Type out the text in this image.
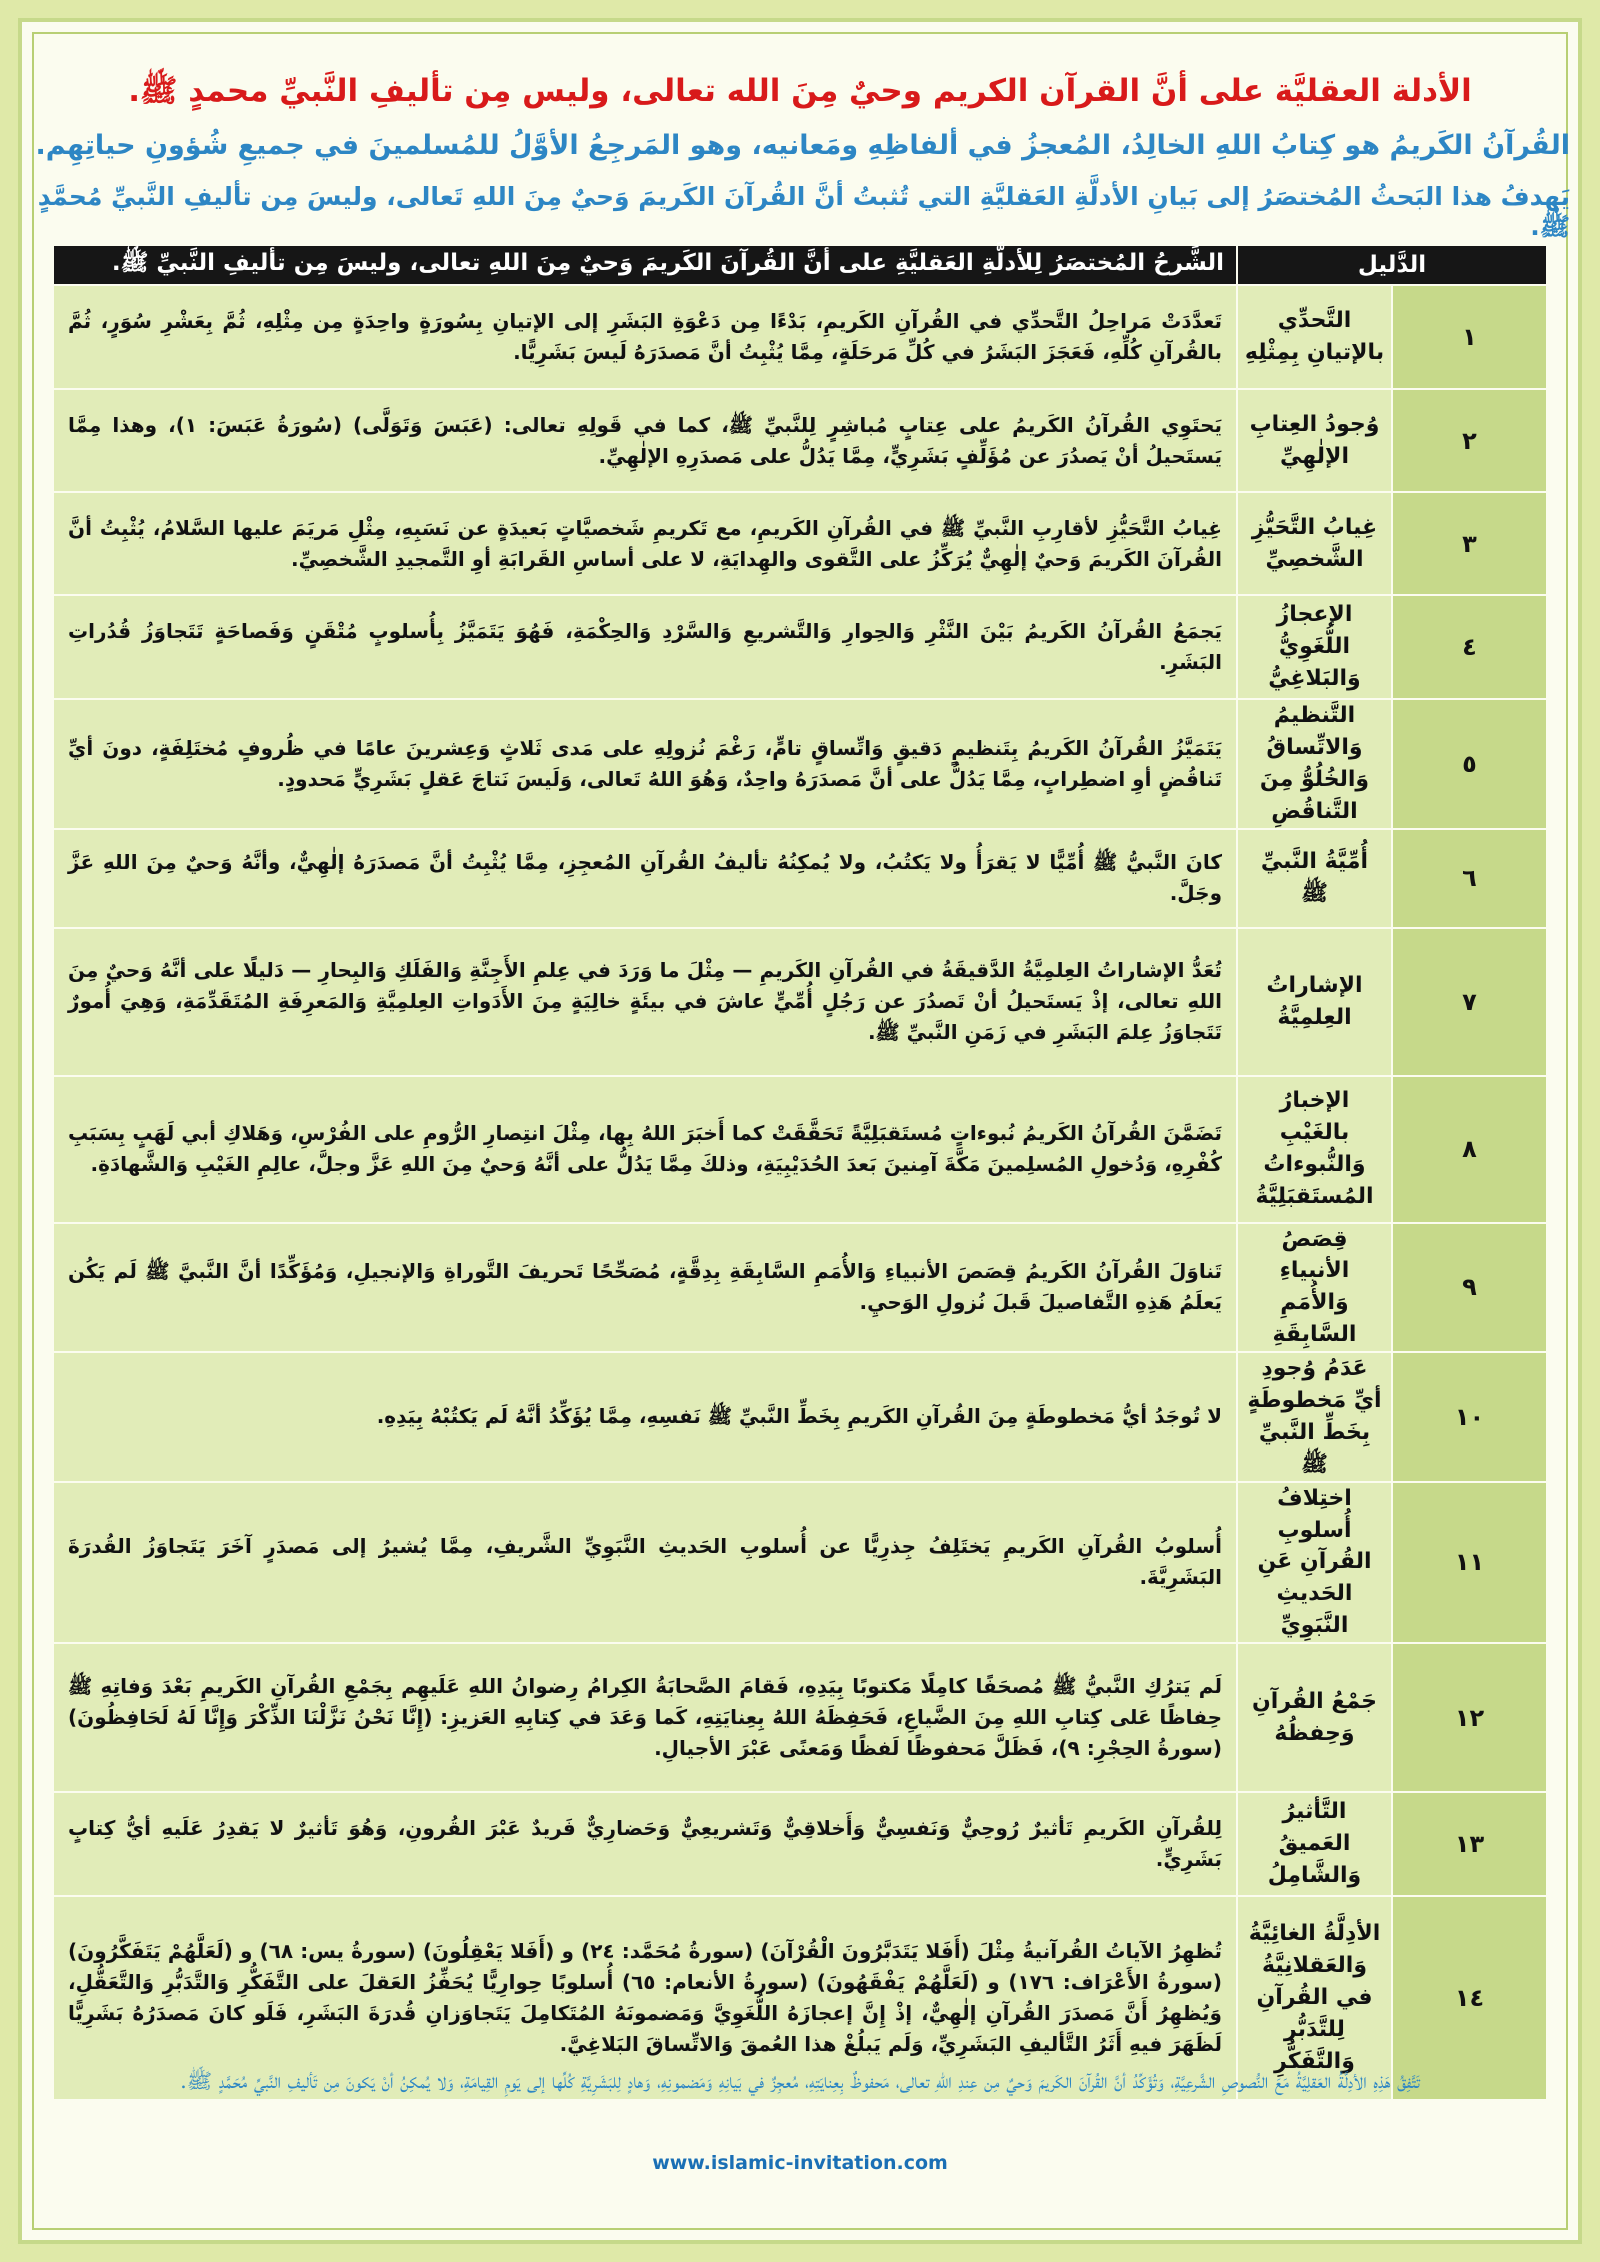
الأدلة العقليَّة على أنَّ القرآن الكريم وحيٌ مِنَ الله تعالى، وليس مِن تأليفِ النَّبيِّ محمدٍ ﷺ.
القُرآنُ الكَريمُ هو كِتابُ اللهِ الخالِدُ، المُعجزُ في ألفاظِهِ ومَعانيه، وهو المَرجِعُ الأوَّلُ للمُسلمينَ في جميعِ شُؤونِ حياتِهِم.
يَهدفُ هذا البَحثُ المُختصَرُ إلى بَيانِ الأدلَّةِ العَقليَّةِ التي تُثبتُ أنَّ القُرآنَ الكَريمَ وَحيٌ مِنَ اللهِ تَعالى، وليسَ مِن تأليفِ النَّبيِّ مُحمَّدٍ ﷺ.
الدَّليل		الشَّرحُ المُختصَرُ لِلأدلَّةِ العَقليَّةِ على أنَّ القُرآنَ الكَريمَ وَحيٌ مِنَ اللهِ تعالى، وليسَ مِن تأليفِ النَّبيِّ ﷺ.
١	التَّحدِّي بالإتيانِ بِمِثْلِهِ	تَعدَّدَتْ مَراحِلُ التَّحدِّي في القُرآنِ الكَريمِ، بَدْءًا مِن دَعْوَةِ البَشَرِ إلى الإتيانِ بِسُورَةٍ واحِدَةٍ مِن مِثْلِهِ، ثُمَّ بِعَشْرِ سُوَرٍ، ثُمَّ بالقُرآنِ كُلِّهِ، فَعَجَزَ البَشَرُ في كُلِّ مَرحَلَةٍ، مِمَّا يُثْبِتُ أنَّ مَصدَرَهُ لَيسَ بَشَرِيًّا.
٢	وُجودُ العِتابِ الإلٰهِيِّ	يَحتَوِي القُرآنُ الكَريمُ على عِتابٍ مُباشِرٍ لِلنَّبيِّ ﷺ، كما في قَولِهِ تعالى: (عَبَسَ وَتَوَلَّى) (سُورَةُ عَبَسَ: ١)، وهذا مِمَّا يَستَحيلُ أنْ يَصدُرَ عن مُؤَلِّفٍ بَشَرِيٍّ، مِمَّا يَدُلُّ على مَصدَرِهِ الإلٰهِيِّ.
٣	غِيابُ التَّحَيُّزِ الشَّخصِيِّ	غِيابُ التَّحَيُّزِ لأقارِبِ النَّبيِّ ﷺ في القُرآنِ الكَريمِ، مع تَكريمِ شَخصيَّاتٍ بَعيدَةٍ عن نَسَبِهِ، مِثْلِ مَريَمَ عليها السَّلامُ، يُثْبِتُ أنَّ القُرآنَ الكَريمَ وَحيٌ إلٰهِيٌّ يُرَكِّزُ على التَّقوى والهِدايَةِ، لا على أساسِ القَرابَةِ أوِ التَّمجيدِ الشَّخصِيِّ.
٤	الإعجازُ اللُّغَوِيُّ وَالبَلاغِيُّ	يَجمَعُ القُرآنُ الكَريمُ بَيْنَ النَّثْرِ وَالحِوارِ وَالتَّشريعِ وَالسَّرْدِ وَالحِكْمَةِ، فَهُوَ يَتَمَيَّزُ بِأُسلوبٍ مُتْقَنٍ وَفَصاحَةٍ تَتَجاوَزُ قُدُراتِ البَشَرِ.
٥	التَّنظيمُ وَالاتِّساقُ وَالخُلُوُّ مِنَ التَّناقُضِ	يَتَمَيَّزُ القُرآنُ الكَريمُ بِتَنظيمٍ دَقيقٍ وَاتِّساقٍ تامٍّ، رَغْمَ نُزولِهِ على مَدى ثَلاثٍ وَعِشرينَ عامًا في ظُروفٍ مُختَلِفَةٍ، دونَ أيِّ تَناقُضٍ أوِ اضطِرابٍ، مِمَّا يَدُلُّ على أنَّ مَصدَرَهُ واحِدٌ، وَهُوَ اللهُ تَعالى، وَلَيسَ نَتاجَ عَقلٍ بَشَرِيٍّ مَحدودٍ.
٦	أُمِّيَّةُ النَّبيِّ ﷺ	كانَ النَّبيُّ ﷺ أُمِّيًّا لا يَقرَأُ ولا يَكتُبُ، ولا يُمكِنُهُ تأليفُ القُرآنِ المُعجِزِ، مِمَّا يُثْبِتُ أنَّ مَصدَرَهُ إلٰهِيٌّ، وأنَّهُ وَحيٌ مِنَ اللهِ عَزَّ وجَلَّ.
٧	الإشاراتُ العِلمِيَّةُ	تُعَدُّ الإشاراتُ العِلمِيَّةُ الدَّقيقَةُ في القُرآنِ الكَريمِ — مِثْلَ ما وَرَدَ في عِلمِ الأَجِنَّةِ وَالفَلَكِ وَالبِحارِ — دَليلًا على أنَّهُ وَحيٌ مِنَ اللهِ تعالى، إذْ يَستَحيلُ أنْ تَصدُرَ عن رَجُلٍ أُمِّيٍّ عاشَ في بيئَةٍ خالِيَةٍ مِنَ الأَدَواتِ العِلمِيَّةِ وَالمَعرِفَةِ المُتَقَدِّمَةِ، وَهِيَ أُمورٌ تَتَجاوَزُ عِلمَ البَشَرِ في زَمَنِ النَّبيِّ ﷺ.
٨	الإخبارُ بالغَيْبِ وَالنُّبوءاتُ المُستَقبَلِيَّةُ	تَضَمَّنَ القُرآنُ الكَريمُ نُبوءاتٍ مُستَقبَلِيَّةً تَحَقَّقَتْ كما أَخبَرَ اللهُ بِها، مِثْلَ انتِصارِ الرُّومِ على الفُرْسِ، وَهَلاكِ أبي لَهَبٍ بِسَبَبِ كُفْرِهِ، وَدُخولِ المُسلِمينَ مَكَّةَ آمِنينَ بَعدَ الحُدَيْبِيَةِ، وذلكَ مِمَّا يَدُلُّ على أنَّهُ وَحيٌ مِنَ اللهِ عَزَّ وجلَّ، عالِمِ الغَيْبِ وَالشَّهادَةِ.
٩	قِصَصُ الأنبياءِ وَالأُمَمِ السَّابِقَةِ	تَناوَلَ القُرآنُ الكَريمُ قِصَصَ الأنبياءِ وَالأُمَمِ السَّابِقَةِ بِدِقَّةٍ، مُصَحِّحًا تَحريفَ التَّوراةِ وَالإنجيلِ، وَمُؤَكِّدًا أنَّ النَّبيَّ ﷺ لَم يَكُن يَعلَمُ هَذِهِ التَّفاصيلَ قَبلَ نُزولِ الوَحيِ.
١٠	عَدَمُ وُجودِ أيِّ مَخطوطَةٍ بِخَطِّ النَّبيِّ ﷺ	لا تُوجَدُ أيُّ مَخطوطَةٍ مِنَ القُرآنِ الكَريمِ بِخَطِّ النَّبيِّ ﷺ نَفسِهِ، مِمَّا يُؤَكِّدُ أنَّهُ لَم يَكتُبْهُ بِيَدِهِ.
١١	اختِلافُ أُسلوبِ القُرآنِ عَنِ الحَديثِ النَّبَوِيِّ	أُسلوبُ القُرآنِ الكَريمِ يَختَلِفُ جِذرِيًّا عن أُسلوبِ الحَديثِ النَّبَوِيِّ الشَّريفِ، مِمَّا يُشيرُ إلى مَصدَرٍ آخَرَ يَتَجاوَزُ القُدرَةَ البَشَرِيَّةَ.
١٢	جَمْعُ القُرآنِ وَحِفظُهُ	لَم يَترُكِ النَّبيُّ ﷺ مُصحَفًا كامِلًا مَكتوبًا بِيَدِهِ، فَقامَ الصَّحابَةُ الكِرامُ رِضوانُ اللهِ عَلَيهِم بِجَمْعِ القُرآنِ الكَريمِ بَعْدَ وَفاتِهِ ﷺ حِفاظًا عَلى كِتابِ اللهِ مِنَ الضَّياعِ، فَحَفِظَهُ اللهُ بِعِنايَتِهِ، كَما وَعَدَ في كِتابِهِ العَزيزِ: (إِنَّا نَحْنُ نَزَّلْنَا الذِّكْرَ وَإِنَّا لَهُ لَحَافِظُونَ) (سورةُ الحِجْرِ: ٩)، فَظَلَّ مَحفوظًا لَفظًا وَمَعنًى عَبْرَ الأجيالِ.
١٣	التَّأثيرُ العَميقُ وَالشَّامِلُ	لِلقُرآنِ الكَريمِ تَأثيرٌ رُوحِيٌّ وَنَفسِيٌّ وَأَخلاقِيٌّ وَتَشريعِيٌّ وَحَضارِيٌّ فَريدٌ عَبْرَ القُرونِ، وَهُوَ تَأثيرٌ لا يَقدِرُ عَلَيهِ أيُّ كِتابٍ بَشَرِيٍّ.
١٤	الأدِلَّةُ الغائِيَّةُ وَالعَقلانِيَّةُ في القُرآنِ لِلتَّدَبُّرِ وَالتَّفَكُّرِ	تُظهِرُ الآياتُ القُرآنيةُ مِثْلَ (أَفَلا يَتَدَبَّرُونَ الْقُرْآنَ) (سورةُ مُحَمَّد: ٢٤) و (أَفَلا يَعْقِلُونَ) (سورةُ يس: ٦٨) و (لَعَلَّهُمْ يَتَفَكَّرُونَ) (سورةُ الأَعْرَاف: ١٧٦) و (لَعَلَّهُمْ يَفْقَهُونَ) (سورةُ الأنعام: ٦٥) أُسلوبًا حِوارِيًّا يُحَفِّزُ العَقلَ على التَّفَكُّرِ وَالتَّدَبُّرِ وَالتَّعَقُّلِ، وَيُظهِرُ أَنَّ مَصدَرَ القُرآنِ إلٰهِيٌّ، إذْ إِنَّ إعجازَهُ اللُّغَوِيَّ وَمَضمونَهُ المُتَكامِلَ يَتَجاوَزانِ قُدرَةَ البَشَرِ، فَلَو كانَ مَصدَرُهُ بَشَرِيًّا لَظَهَرَ فيهِ أَثَرُ التَّأليفِ البَشَرِيِّ، وَلَم يَبلُغْ هذا العُمقَ وَالاتِّساقَ البَلاغِيَّ.
تَتَّفِقُ هَذِهِ الأدِلَّةُ العَقلِيَّةُ مَعَ النُّصوصِ الشَّرعِيَّةِ، وَتُؤَكِّدُ أنَّ القُرآنَ الكَريمَ وَحيٌ مِن عِندِ اللهِ تعالى، مَحفوظٌ بِعِنايَتِهِ، مُعجِزٌ في بَيانِهِ وَمَضمونِهِ، وَهادٍ لِلبَشَرِيَّةِ كُلِّها إلى يَومِ القِيامَةِ، وَلا يُمكِنُ أنْ يَكونَ مِن تَأليفِ النَّبيِّ مُحَمَّدٍ ﷺ.
www.islamic-invitation.com
